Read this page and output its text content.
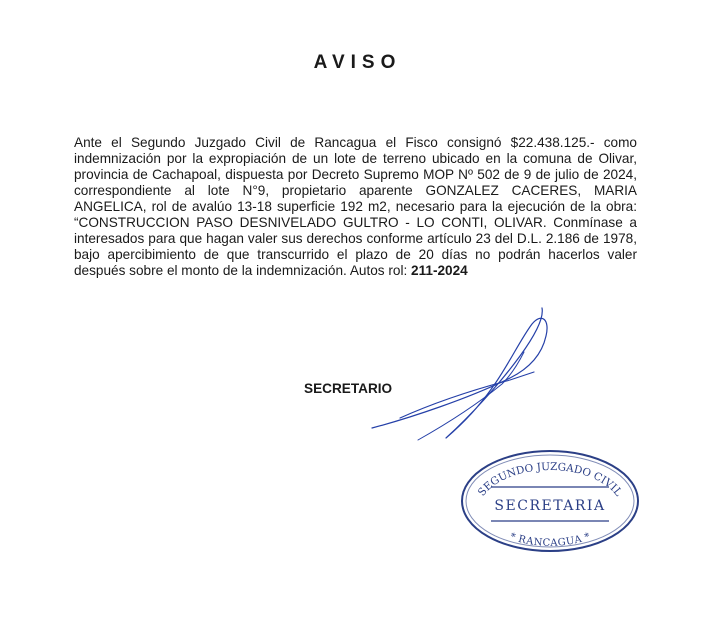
AVISO
Ante el Segundo Juzgado Civil de Rancagua el Fisco consignó $22.438.125.- como indemnización por la expropiación de un lote de terreno ubicado en la comuna de Olivar, provincia de Cachapoal, dispuesta por Decreto Supremo MOP Nº 502 de 9 de julio de 2024, correspondiente al lote N°9, propietario aparente GONZALEZ CACERES, MARIA ANGELICA, rol de avalúo 13-18 superficie 192 m2, necesario para la ejecución de la obra: “CONSTRUCCION PASO DESNIVELADO GULTRO - LO CONTI, OLIVAR. Conmínase a interesados para que hagan valer sus derechos conforme artículo 23 del D.L. 2.186 de 1978, bajo apercibimiento de que transcurrido el plazo de 20 días no podrán hacerlos valer después sobre el monto de la indemnización. Autos rol: 211-2024
SECRETARIO
SEGUNDO JUZGADO CIVIL
SECRETARIA
* RANCAGUA *
